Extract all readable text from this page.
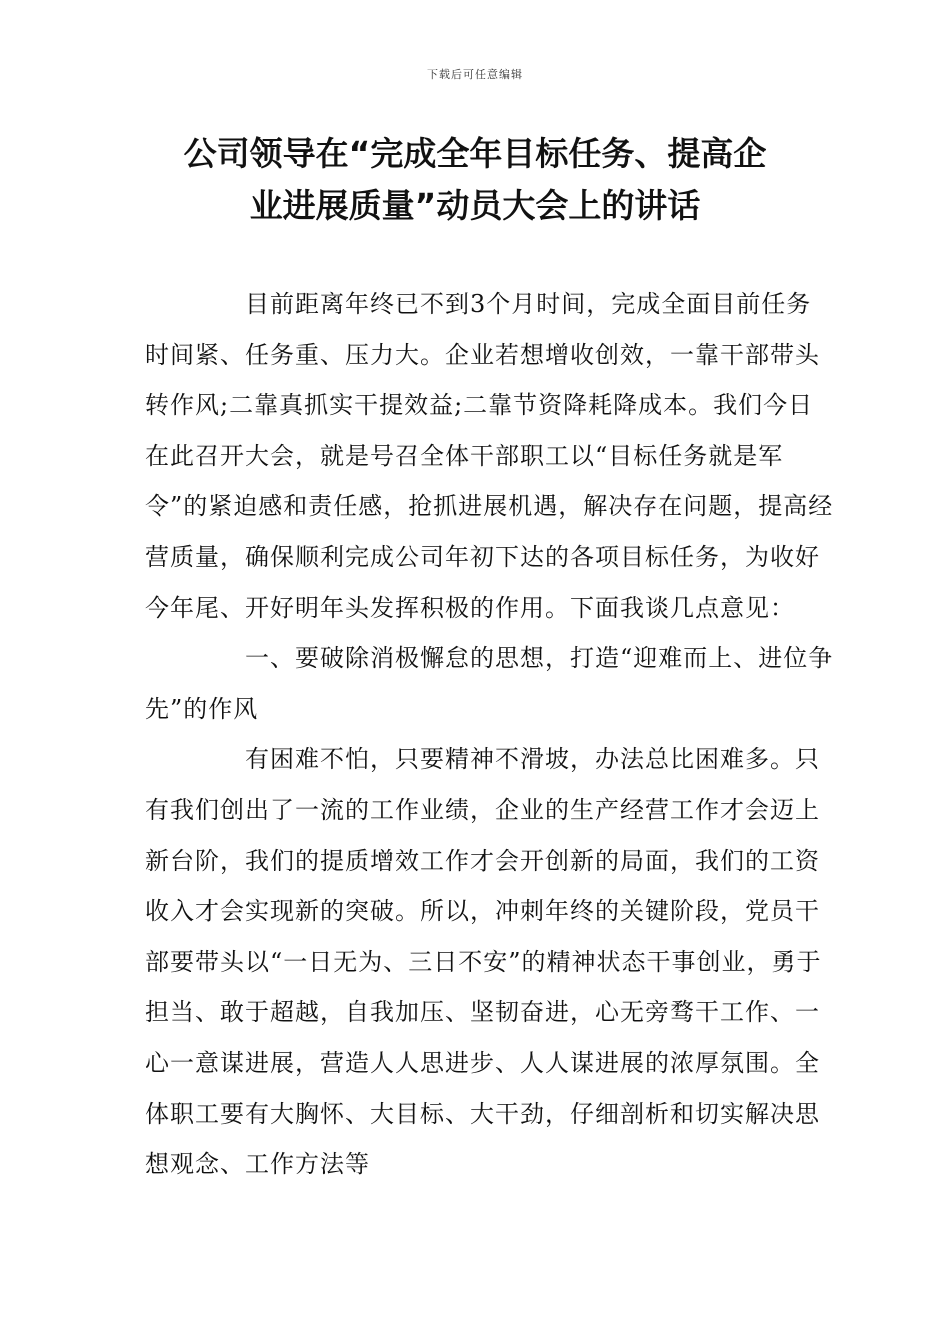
下载后可任意编辑
公司领导在“完成全年目标任务、提高企
业进展质量”动员大会上的讲话

目前距离年终已不到3个月时间，完成全面目前任务时间紧、任务重、压力大。企业若想增收创效，一靠干部带头转作风;二靠真抓实干提效益;二靠节资降耗降成本。我们今日在此召开大会，就是号召全体干部职工以“目标任务就是军令”的紧迫感和责任感，抢抓进展机遇，解决存在问题，提高经营质量，确保顺利完成公司年初下达的各项目标任务，为收好今年尾、开好明年头发挥积极的作用。下面我谈几点意见：

一、要破除消极懈怠的思想，打造“迎难而上、进位争先”的作风

有困难不怕，只要精神不滑坡，办法总比困难多。只有我们创出了一流的工作业绩，企业的生产经营工作才会迈上新台阶，我们的提质增效工作才会开创新的局面，我们的工资收入才会实现新的突破。所以，冲刺年终的关键阶段，党员干部要带头以“一日无为、三日不安”的精神状态干事创业，勇于担当、敢于超越，自我加压、坚韧奋进，心无旁骛干工作、一心一意谋进展，营造人人思进步、人人谋进展的浓厚氛围。全体职工要有大胸怀、大目标、大干劲，仔细剖析和切实解决思想观念、工作方法等
